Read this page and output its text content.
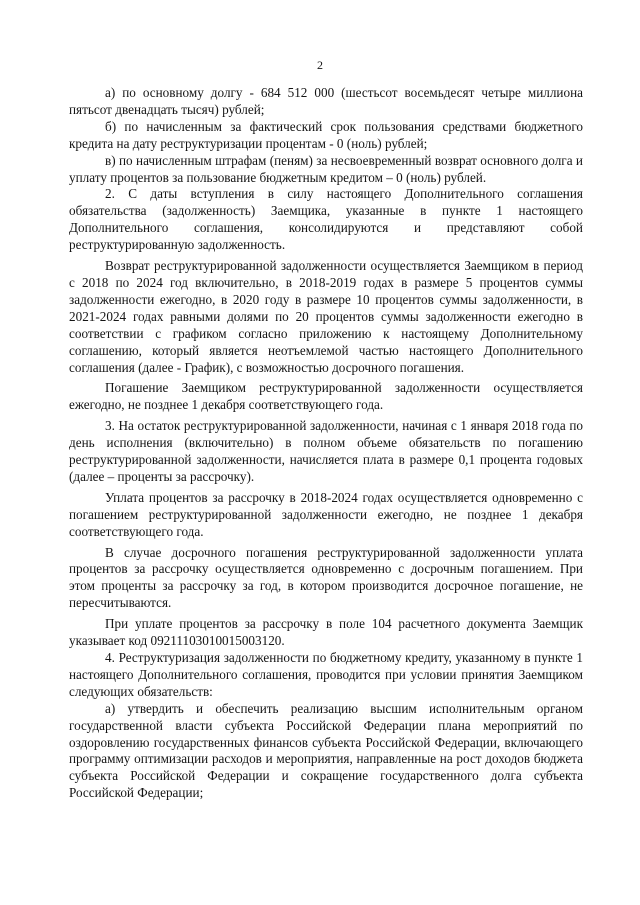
2

а) по основному долгу - 684 512 000 (шестьсот восемьдесят четыре миллиона пятьсот двенадцать тысяч) рублей;

б) по начисленным за фактический срок пользования средствами бюджетного кредита на дату реструктуризации процентам - 0 (ноль) рублей;

в) по начисленным штрафам (пеням) за несвоевременный возврат основного долга и уплату процентов за пользование бюджетным кредитом – 0 (ноль) рублей.

2. С даты вступления в силу настоящего Дополнительного соглашения обязательства (задолженность) Заемщика, указанные в пункте 1 настоящего Дополнительного соглашения, консолидируются и представляют собой реструктурированную задолженность.

Возврат реструктурированной задолженности осуществляется Заемщиком в период с 2018 по 2024 год включительно, в 2018-2019 годах в размере 5 процентов суммы задолженности ежегодно, в 2020 году в размере 10 процентов суммы задолженности, в 2021-2024 годах равными долями по 20 процентов суммы задолженности ежегодно в соответствии с графиком согласно приложению к настоящему Дополнительному соглашению, который является неотъемлемой частью настоящего Дополнительного соглашения (далее - График), с возможностью досрочного погашения.

Погашение Заемщиком реструктурированной задолженности осуществляется ежегодно, не позднее 1 декабря соответствующего года.

3. На остаток реструктурированной задолженности, начиная с 1 января 2018 года по день исполнения (включительно) в полном объеме обязательств по погашению реструктурированной задолженности, начисляется плата в размере 0,1 процента годовых (далее – проценты за рассрочку).

Уплата процентов за рассрочку в 2018-2024 годах осуществляется одновременно с погашением реструктурированной задолженности ежегодно, не позднее 1 декабря соответствующего года.

В случае досрочного погашения реструктурированной задолженности уплата процентов за рассрочку осуществляется одновременно с досрочным погашением. При этом проценты за рассрочку за год, в котором производится досрочное погашение, не пересчитываются.

При уплате процентов за рассрочку в поле 104 расчетного документа Заемщик указывает код 09211103010015003120.

4. Реструктуризация задолженности по бюджетному кредиту, указанному в пункте 1 настоящего Дополнительного соглашения, проводится при условии принятия Заемщиком следующих обязательств:

а) утвердить и обеспечить реализацию высшим исполнительным органом государственной власти субъекта Российской Федерации плана мероприятий по оздоровлению государственных финансов субъекта Российской Федерации, включающего программу оптимизации расходов и мероприятия, направленные на рост доходов бюджета субъекта Российской Федерации и сокращение государственного долга субъекта Российской Федерации;
